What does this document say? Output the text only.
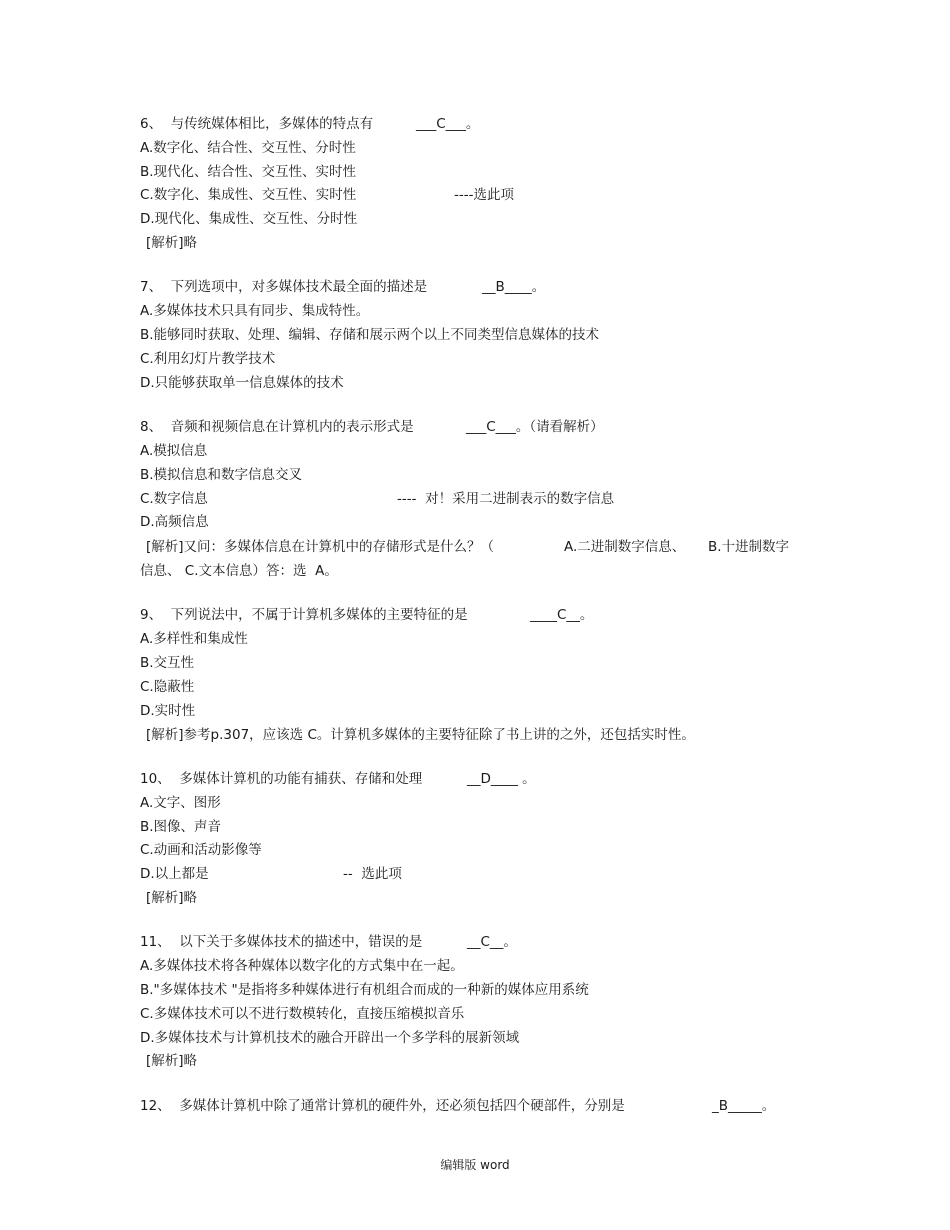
6、  与传统媒体相比，多媒体的特点有

	___C___。

A.数字化、结合性、交互性、分时性
B.现代化、结合性、交互性、实时性

C.数字化、集成性、交互性、实时性

	----选此项

D.现代化、集成性、交互性、分时性
[解析]略

7、  下列选项中，对多媒体技术最全面的描述是

	__B____。

A.多媒体技术只具有同步、集成特性。
B.能够同时获取、处理、编辑、存储和展示两个以上不同类型信息媒体的技术
C.利用幻灯片教学技术
D.只能够获取单一信息媒体的技术

8、  音频和视频信息在计算机内的表示形式是

	___C___。（请看解析）

A.模拟信息
B.模拟信息和数字信息交叉

C.数字信息

	----  对！采用二进制表示的数字信息

D.高频信息

[解析]又问：多媒体信息在计算机中的存储形式是什么？（

	A.二进制数字信息、

B.十进制数字

信息、 C.文本信息）答：选  A。

9、  下列说法中，不属于计算机多媒体的主要特征的是

	____C__。

A.多样性和集成性
B.交互性
C.隐蔽性
D.实时性
[解析]参考p.307，应该选 C。计算机多媒体的主要特征除了书上讲的之外，还包括实时性。

10、  多媒体计算机的功能有捕获、存储和处理

	__D____ 。

A.文字、图形
B.图像、声音
C.动画和活动影像等

D.以上都是

	--  选此项

[解析]略

11、  以下关于多媒体技术的描述中，错误的是

	__C__。

A.多媒体技术将各种媒体以数字化的方式集中在一起。
B."多媒体技术 "是指将多种媒体进行有机组合而成的一种新的媒体应用系统
C.多媒体技术可以不进行数模转化，直接压缩模拟音乐
D.多媒体技术与计算机技术的融合开辟出一个多学科的展新领域
[解析]略

12、  多媒体计算机中除了通常计算机的硬件外，还必须包括四个硬部件，分别是

	_B_____。

编辑版 word
